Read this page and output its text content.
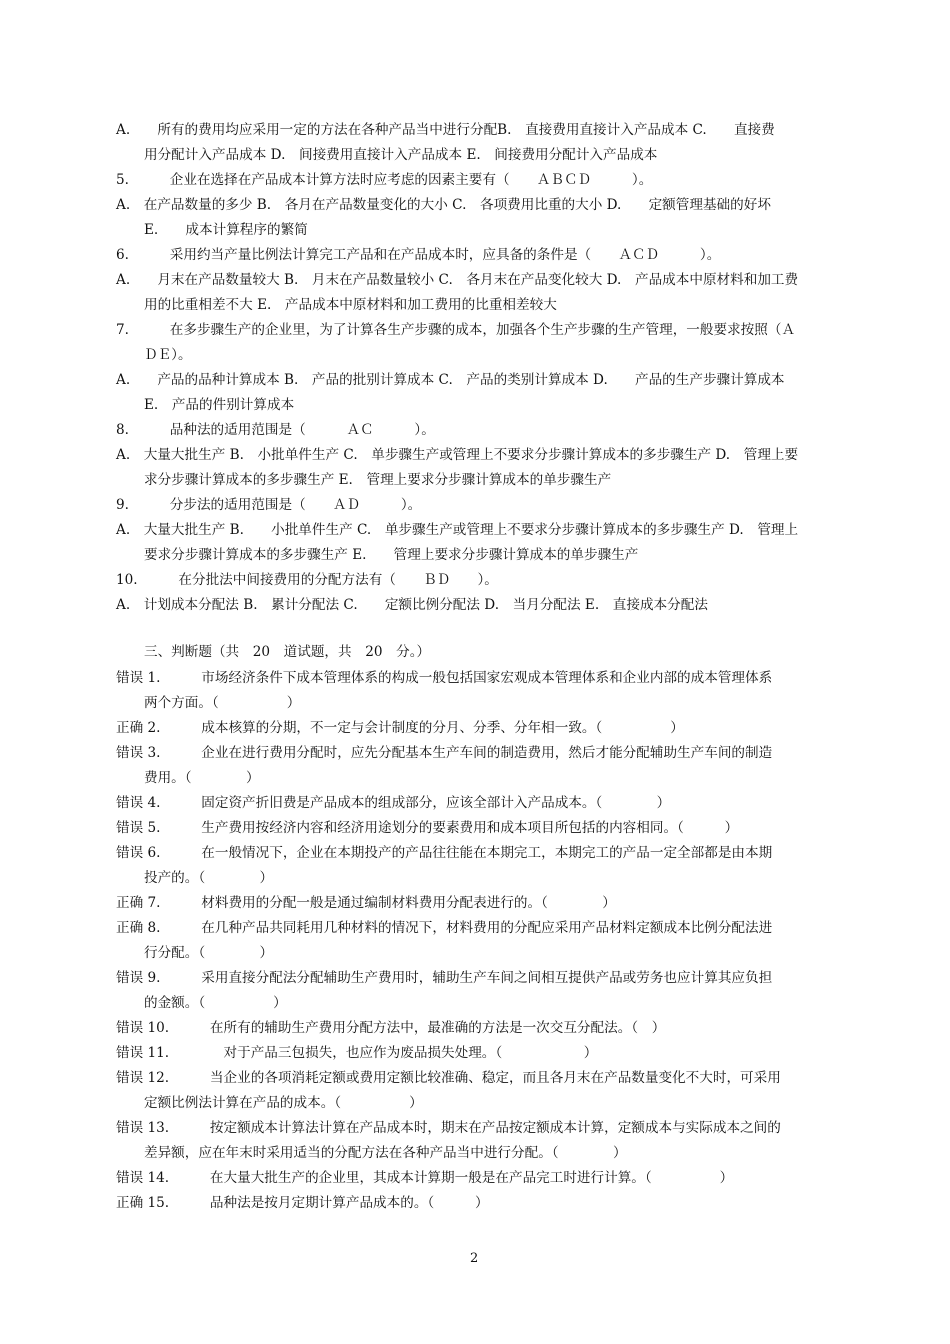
A.　　所有的费用均应采用一定的方法在各种产品当中进行分配B.　直接费用直接计入产品成本 C.　　直接费
用分配计入产品成本 D.　间接费用直接计入产品成本 E.　间接费用分配计入产品成本
5.　　　企业在选择在产品成本计算方法时应考虑的因素主要有（　　ＡＢＣＤ　　　）。
A.　在产品数量的多少 B.　各月在产品数量变化的大小 C.　各项费用比重的大小 D.　　定额管理基础的好坏
E.　　成本计算程序的繁简
6.　　　采用约当产量比例法计算完工产品和在产品成本时，应具备的条件是（　　ＡＣＤ　　　）。
A.　　月末在产品数量较大 B.　月末在产品数量较小 C.　各月末在产品变化较大 D.　产品成本中原材料和加工费
用的比重相差不大 E.　产品成本中原材料和加工费用的比重相差较大
7.　　　在多步骤生产的企业里，为了计算各生产步骤的成本，加强各个生产步骤的生产管理，一般要求按照（Ａ
ＤＥ）。
A.　　产品的品种计算成本 B.　产品的批别计算成本 C.　产品的类别计算成本 D.　　产品的生产步骤计算成本
E.　产品的件别计算成本
8.　　　品种法的适用范围是（　　　ＡＣ　　　）。
A.　大量大批生产 B.　小批单件生产 C.　单步骤生产或管理上不要求分步骤计算成本的多步骤生产 D.　管理上要
求分步骤计算成本的多步骤生产 E.　管理上要求分步骤计算成本的单步骤生产
9.　　　分步法的适用范围是（　　ＡＤ　　　）。
A.　大量大批生产 B.　　小批单件生产 C.　单步骤生产或管理上不要求分步骤计算成本的多步骤生产 D.　管理上
要求分步骤计算成本的多步骤生产 E.　　管理上要求分步骤计算成本的单步骤生产
10.　　　在分批法中间接费用的分配方法有（　　ＢＤ　　）。
A.　计划成本分配法 B.　累计分配法 C.　　定额比例分配法 D.　当月分配法 E.　直接成本分配法
三、判断题（共　20　道试题，共　20　分。）
错误 1.　　　市场经济条件下成本管理体系的构成一般包括国家宏观成本管理体系和企业内部的成本管理体系
两个方面。（　　　　　）
正确 2.　　　成本核算的分期，不一定与会计制度的分月、分季、分年相一致。（　　　　　）
错误 3.　　　企业在进行费用分配时，应先分配基本生产车间的制造费用，然后才能分配辅助生产车间的制造
费用。（　　　　）
错误 4.　　　固定资产折旧费是产品成本的组成部分，应该全部计入产品成本。（　　　　）
错误 5.　　　生产费用按经济内容和经济用途划分的要素费用和成本项目所包括的内容相同。（　　　）
错误 6.　　　在一般情况下，企业在本期投产的产品往往能在本期完工，本期完工的产品一定全部都是由本期
投产的。（　　　　）
正确 7.　　　材料费用的分配一般是通过编制材料费用分配表进行的。（　　　　）
正确 8.　　　在几种产品共同耗用几种材料的情况下，材料费用的分配应采用产品材料定额成本比例分配法进
行分配。（　　　　）
错误 9.　　　采用直接分配法分配辅助生产费用时，辅助生产车间之间相互提供产品或劳务也应计算其应负担
的金额。（　　　　　）
错误 10.　　　在所有的辅助生产费用分配方法中，最准确的方法是一次交互分配法。（　）
错误 11.　　　　对于产品三包损失，也应作为废品损失处理。（　　　　　　）
错误 12.　　　当企业的各项消耗定额或费用定额比较准确、稳定，而且各月末在产品数量变化不大时，可采用
定额比例法计算在产品的成本。（　　　　　）
错误 13.　　　按定额成本计算法计算在产品成本时，期末在产品按定额成本计算，定额成本与实际成本之间的
差异额，应在年末时采用适当的分配方法在各种产品当中进行分配。（　　　　）
错误 14.　　　在大量大批生产的企业里，其成本计算期一般是在产品完工时进行计算。（　　　　　）
正确 15.　　　品种法是按月定期计算产品成本的。（　　　）
2
